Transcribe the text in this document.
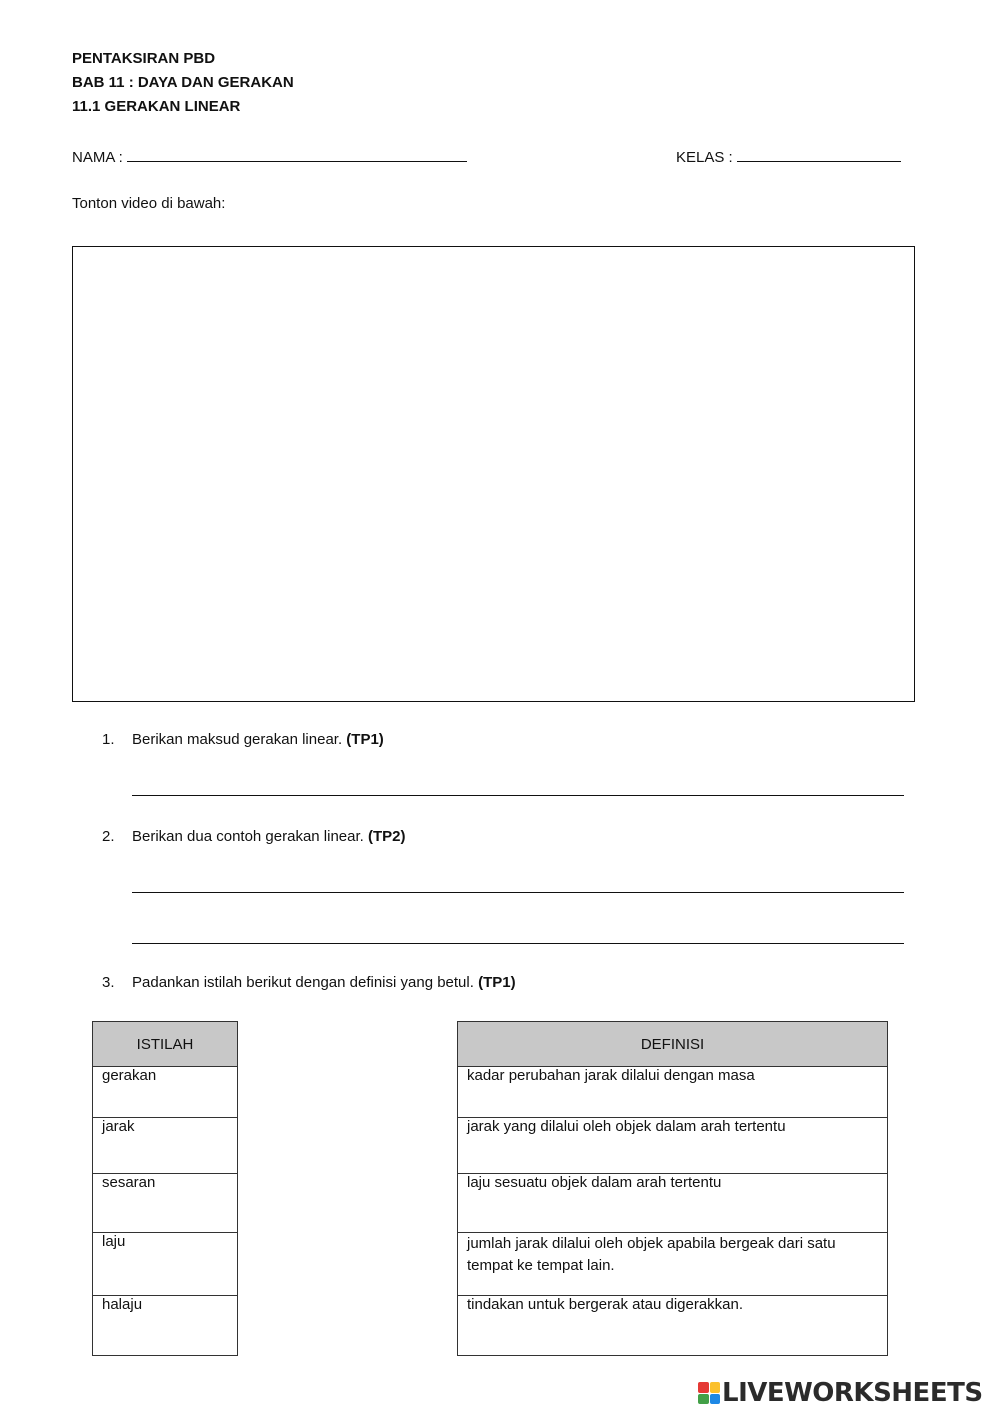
PENTAKSIRAN PBD
BAB 11 : DAYA DAN GERAKAN
11.1 GERAKAN LINEAR
NAMA :	KELAS :
Tonton video di bawah:
1. Berikan maksud gerakan linear. (TP1)
2. Berikan dua contoh gerakan linear. (TP2)
3. Padankan istilah berikut dengan definisi yang betul. (TP1)
ISTILAH
gerakan
jarak
sesaran
laju
halaju
DEFINISI
kadar perubahan jarak dilalui dengan masa
jarak yang dilalui oleh objek dalam arah tertentu
laju sesuatu objek dalam arah tertentu
jumlah jarak dilalui oleh objek apabila bergeak dari satu tempat ke tempat lain.
tindakan untuk bergerak atau digerakkan.
LIVEWORKSHEETS
